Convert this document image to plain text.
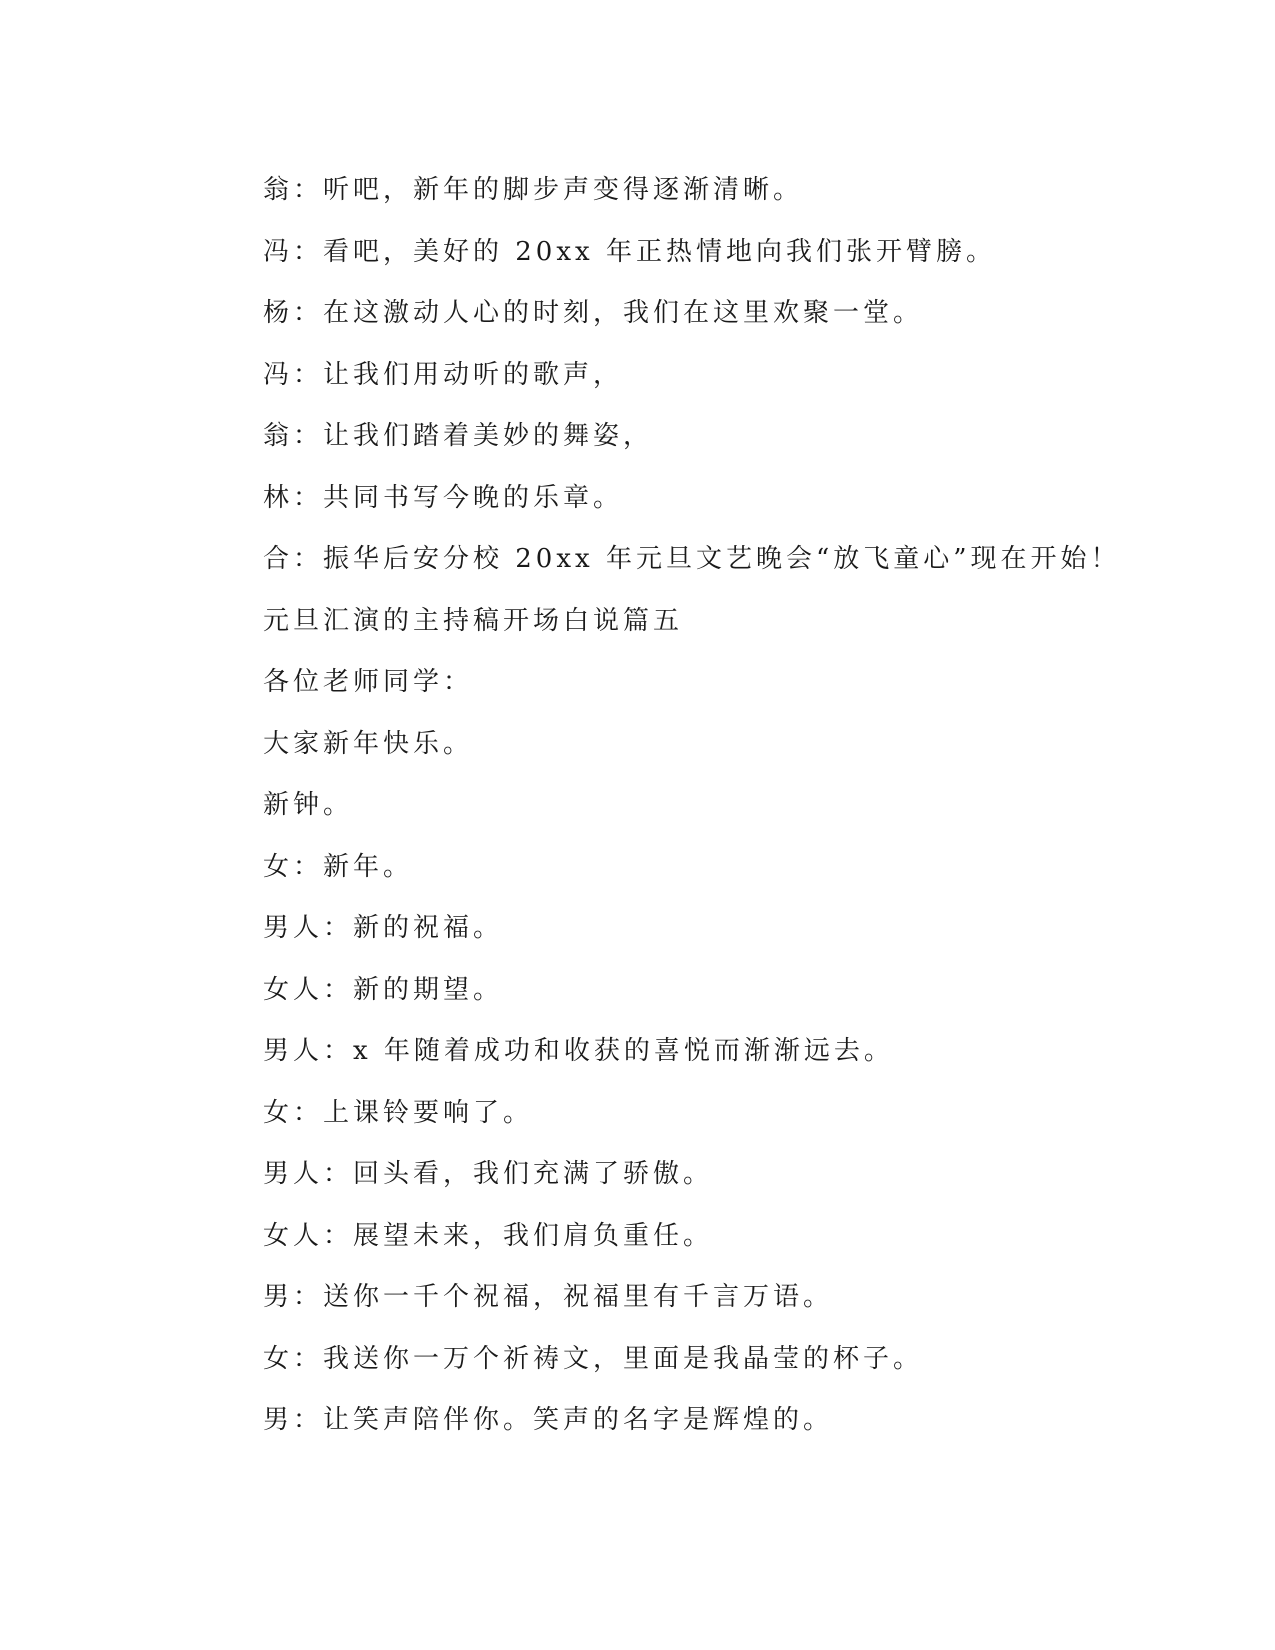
翁：听吧，新年的脚步声变得逐渐清晰。
冯：看吧，美好的 20xx 年正热情地向我们张开臂膀。
杨：在这激动人心的时刻，我们在这里欢聚一堂。
冯：让我们用动听的歌声，
翁：让我们踏着美妙的舞姿，
林：共同书写今晚的乐章。
合：振华后安分校 20xx 年元旦文艺晚会“放飞童心”现在开始！
元旦汇演的主持稿开场白说篇五
各位老师同学：
大家新年快乐。
新钟。
女：新年。
男人：新的祝福。
女人：新的期望。
男人：x 年随着成功和收获的喜悦而渐渐远去。
女：上课铃要响了。
男人：回头看，我们充满了骄傲。
女人：展望未来，我们肩负重任。
男：送你一千个祝福，祝福里有千言万语。
女：我送你一万个祈祷文，里面是我晶莹的杯子。
男：让笑声陪伴你。笑声的名字是辉煌的。
